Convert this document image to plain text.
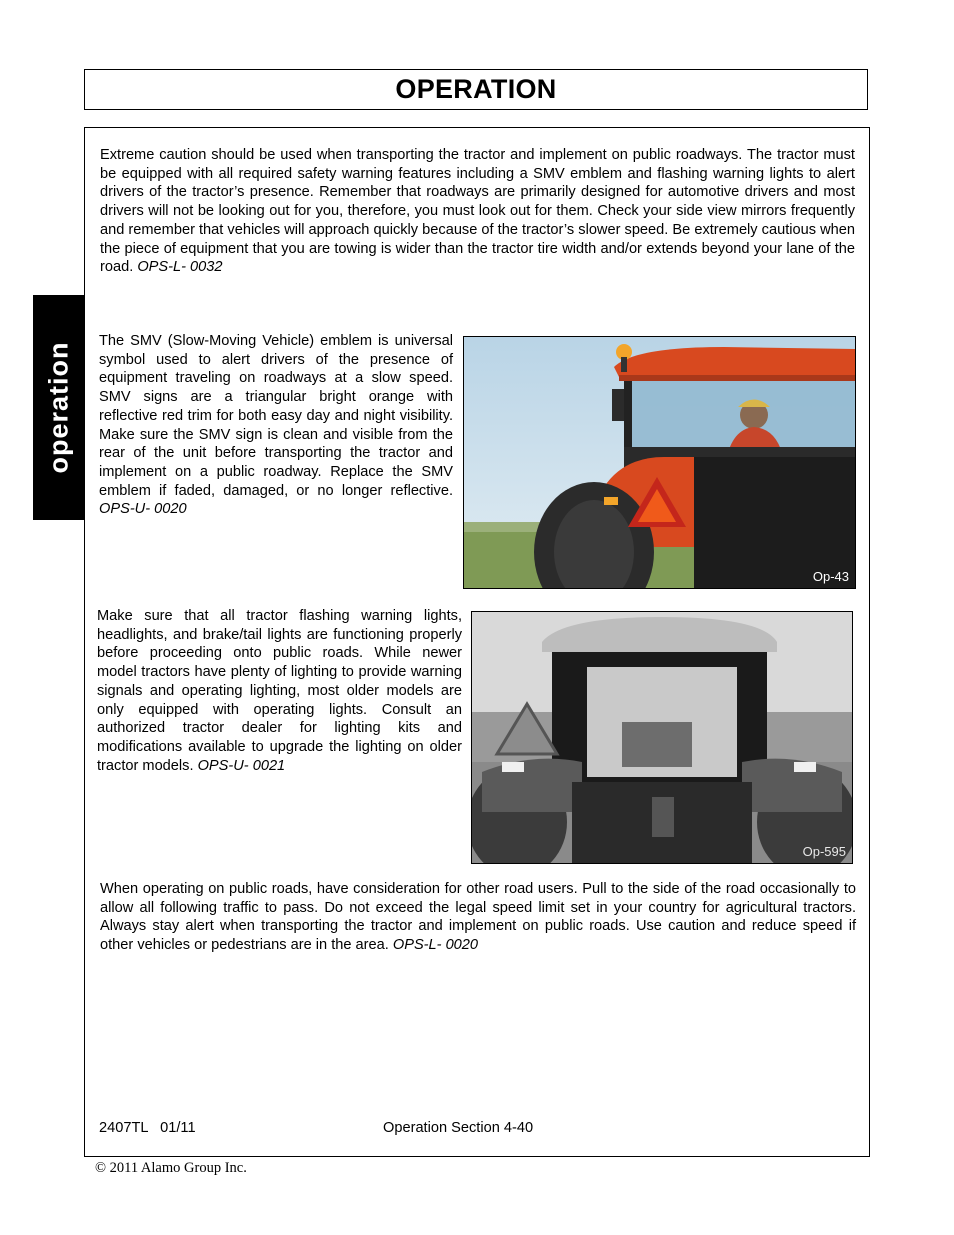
OPERATION
operation

Extreme caution should be used when transporting the tractor and implement on public roadways. The tractor must be equipped with all required safety warning features including a SMV emblem and flashing warning lights to alert drivers of the tractor’s presence. Remember that roadways are primarily designed for automotive drivers and most drivers will not be looking out for you, therefore, you must look out for them. Check your side view mirrors frequently and remember that vehicles will approach quickly because of the tractor’s slower speed. Be extremely cautious when the piece of equipment that you are towing is wider than the tractor tire width and/or extends beyond your lane of the road. OPS-L- 0032

The SMV (Slow-Moving Vehicle) emblem is universal symbol used to alert drivers of the presence of equipment traveling on roadways at a slow speed. SMV signs are a triangular bright orange with reflective red trim for both easy day and night visibility. Make sure the SMV sign is clean and visible from the rear of the unit before transporting the tractor and implement on a public roadway. Replace the SMV emblem if faded, damaged, or no longer reflective. OPS-U- 0020

Op-43

Make sure that all tractor flashing warning lights, headlights, and brake/tail lights are functioning properly before proceeding onto public roads. While newer model tractors have plenty of lighting to provide warning signals and operating lighting, most older models are only equipped with operating lights. Consult an authorized tractor dealer for lighting kits and modifications available to upgrade the lighting on older tractor models. OPS-U- 0021

Op-595

When operating on public roads, have consideration for other road users. Pull to the side of the road occasionally to allow all following traffic to pass. Do not exceed the legal speed limit set in your country for agricultural tractors. Always stay alert when transporting the tractor and implement on public roads. Use caution and reduce speed if other vehicles or pedestrians are in the area. OPS-L- 0020

2407TL   01/11	Operation Section 4-40
© 2011 Alamo Group Inc.
